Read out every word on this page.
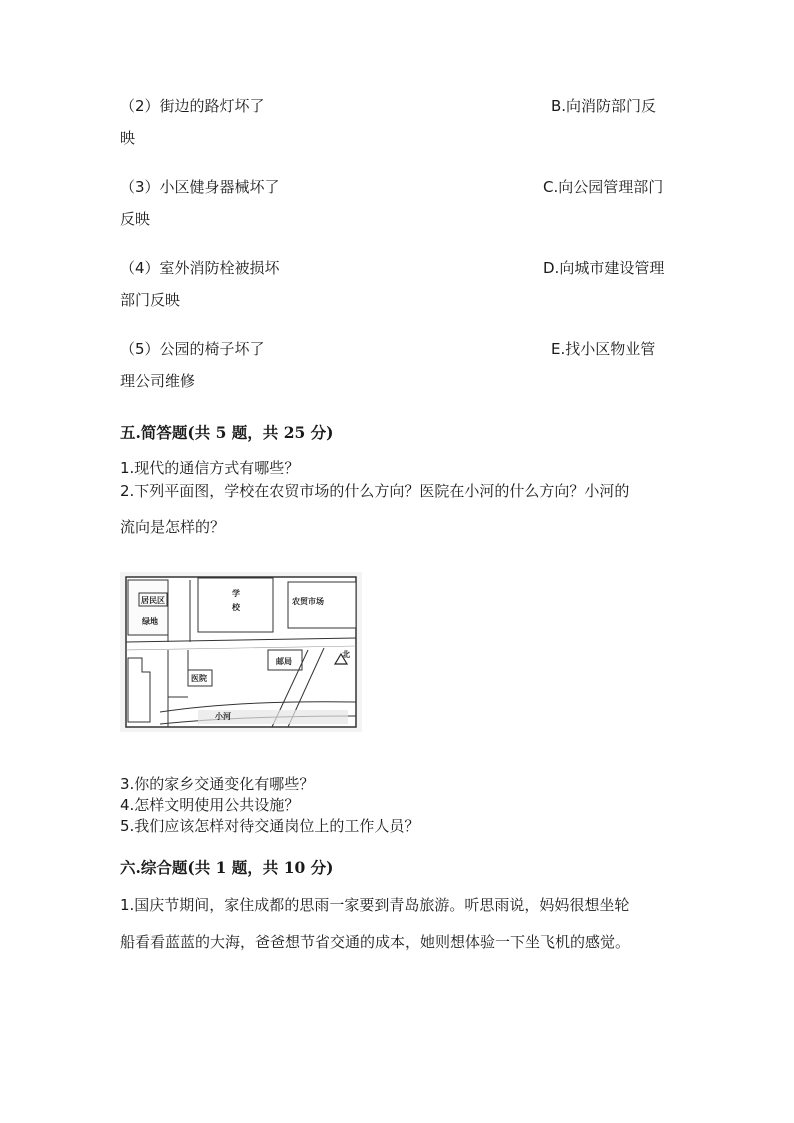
（2）街边的路灯坏了	B.向消防部门反
映
（3）小区健身器械坏了	C.向公园管理部门
反映
（4）室外消防栓被损坏	D.向城市建设管理
部门反映
（5）公园的椅子坏了	E.找小区物业管
理公司维修
五.简答题(共 5 题，共 25 分)
1.现代的通信方式有哪些？
2.下列平面图，学校在农贸市场的什么方向？医院在小河的什么方向？小河的
流向是怎样的？
居民区
绿地
学
校
农贸市场
医院
邮局
北
小河
3.你的家乡交通变化有哪些？
4.怎样文明使用公共设施？
5.我们应该怎样对待交通岗位上的工作人员？
六.综合题(共 1 题，共 10 分)
1.国庆节期间，家住成都的思雨一家要到青岛旅游。听思雨说，妈妈很想坐轮
船看看蓝蓝的大海，爸爸想节省交通的成本，她则想体验一下坐飞机的感觉。
